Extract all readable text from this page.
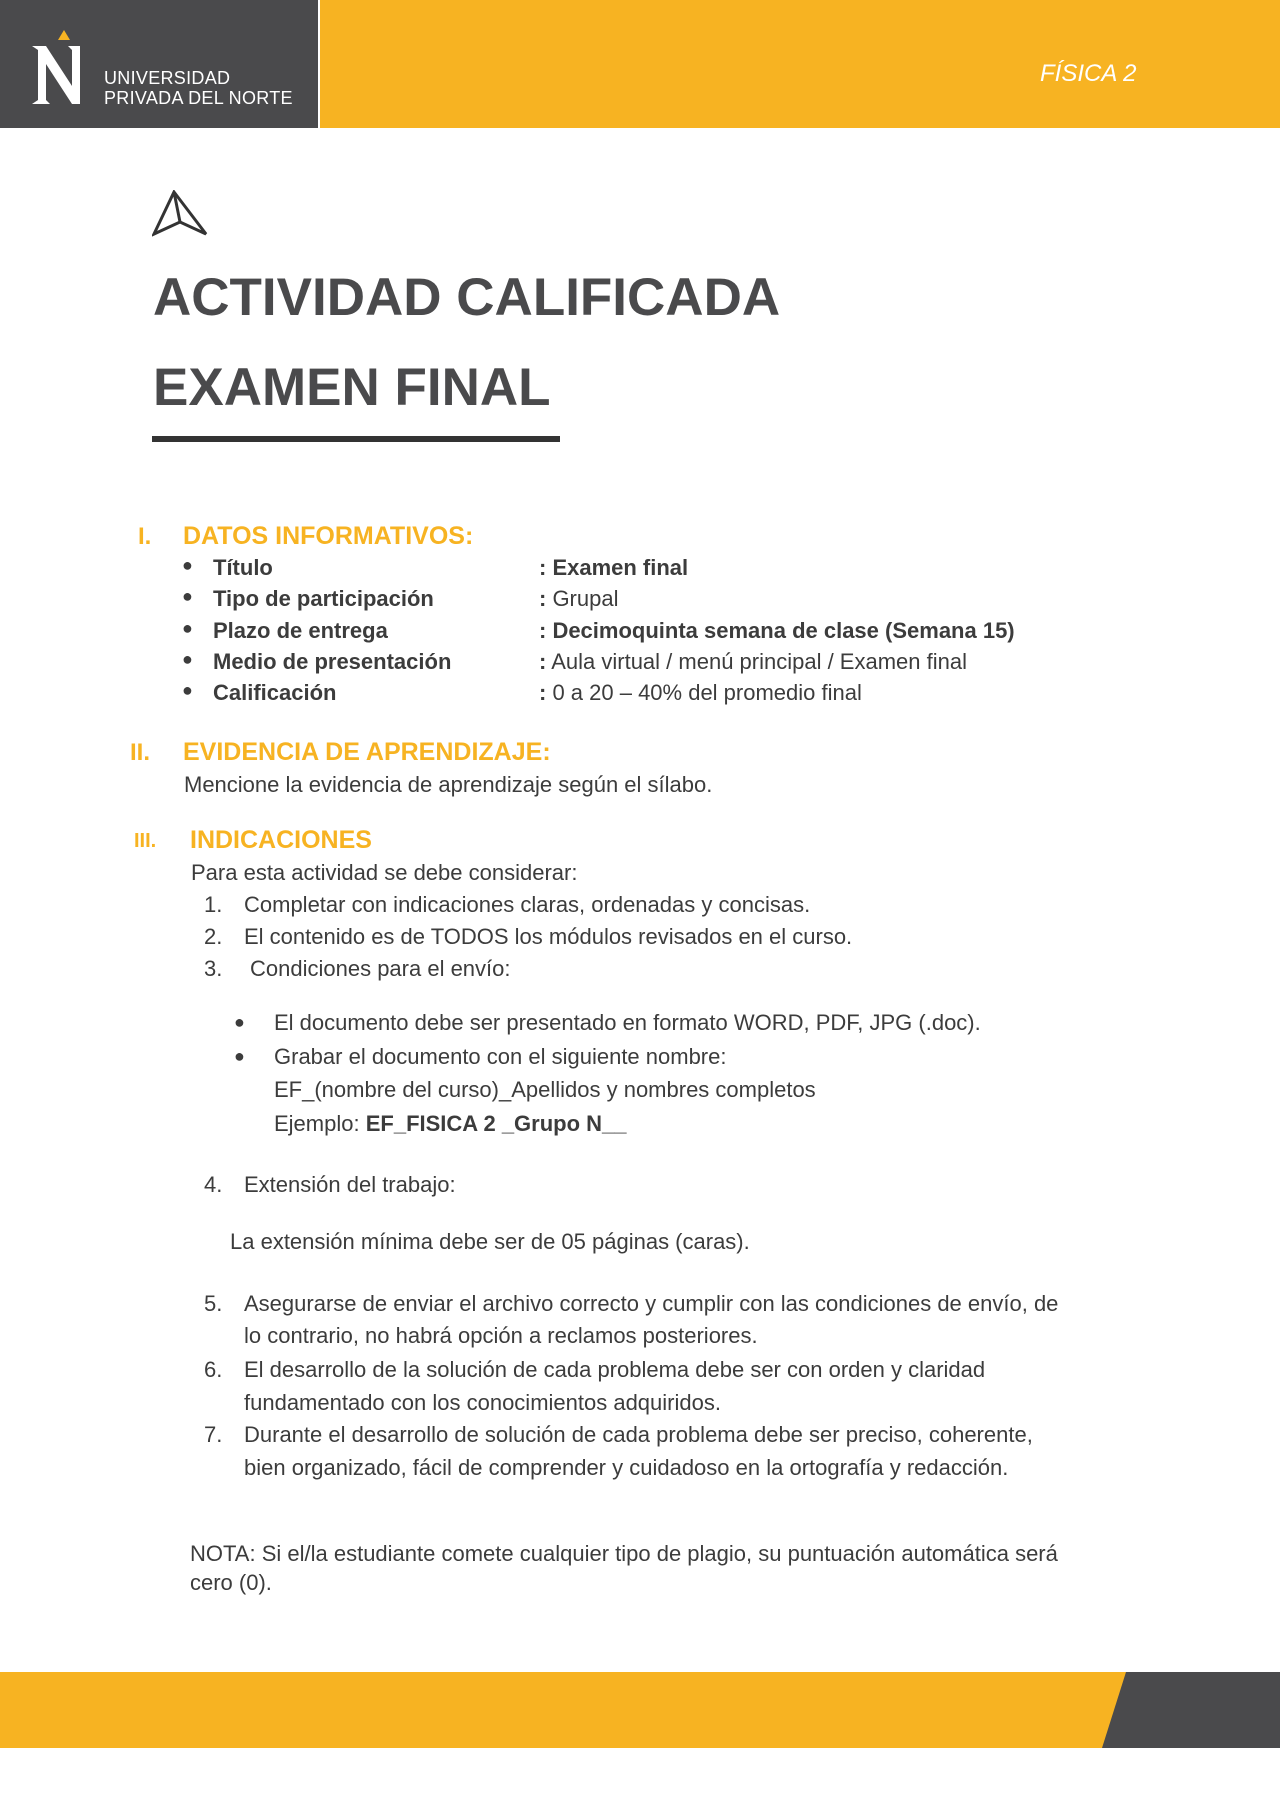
UNIVERSIDAD
PRIVADA DEL NORTE
FÍSICA 2
ACTIVIDAD CALIFICADA
EXAMEN FINAL
I. DATOS INFORMATIVOS:
● Título	: Examen final
● Tipo de participación	: Grupal
● Plazo de entrega	: Decimoquinta semana de clase (Semana 15)
● Medio de presentación	: Aula virtual / menú principal / Examen final
● Calificación	: 0 a 20 – 40% del promedio final
II. EVIDENCIA DE APRENDIZAJE:
Mencione la evidencia de aprendizaje según el sílabo.
III. INDICACIONES
Para esta actividad se debe considerar:
1. Completar con indicaciones claras, ordenadas y concisas.
2. El contenido es de TODOS los módulos revisados en el curso.
3. Condiciones para el envío:
● El documento debe ser presentado en formato WORD, PDF, JPG (.doc).
● Grabar el documento con el siguiente nombre:
EF_(nombre del curso)_Apellidos y nombres completos
Ejemplo: EF_FISICA 2 _Grupo N__
4. Extensión del trabajo:
La extensión mínima debe ser de 05 páginas (caras).
5. Asegurarse de enviar el archivo correcto y cumplir con las condiciones de envío, de
lo contrario, no habrá opción a reclamos posteriores.
6. El desarrollo de la solución de cada problema debe ser con orden y claridad
fundamentado con los conocimientos adquiridos.
7. Durante el desarrollo de solución de cada problema debe ser preciso, coherente,
bien organizado, fácil de comprender y cuidadoso en la ortografía y redacción.
NOTA: Si el/la estudiante comete cualquier tipo de plagio, su puntuación automática será
cero (0).
